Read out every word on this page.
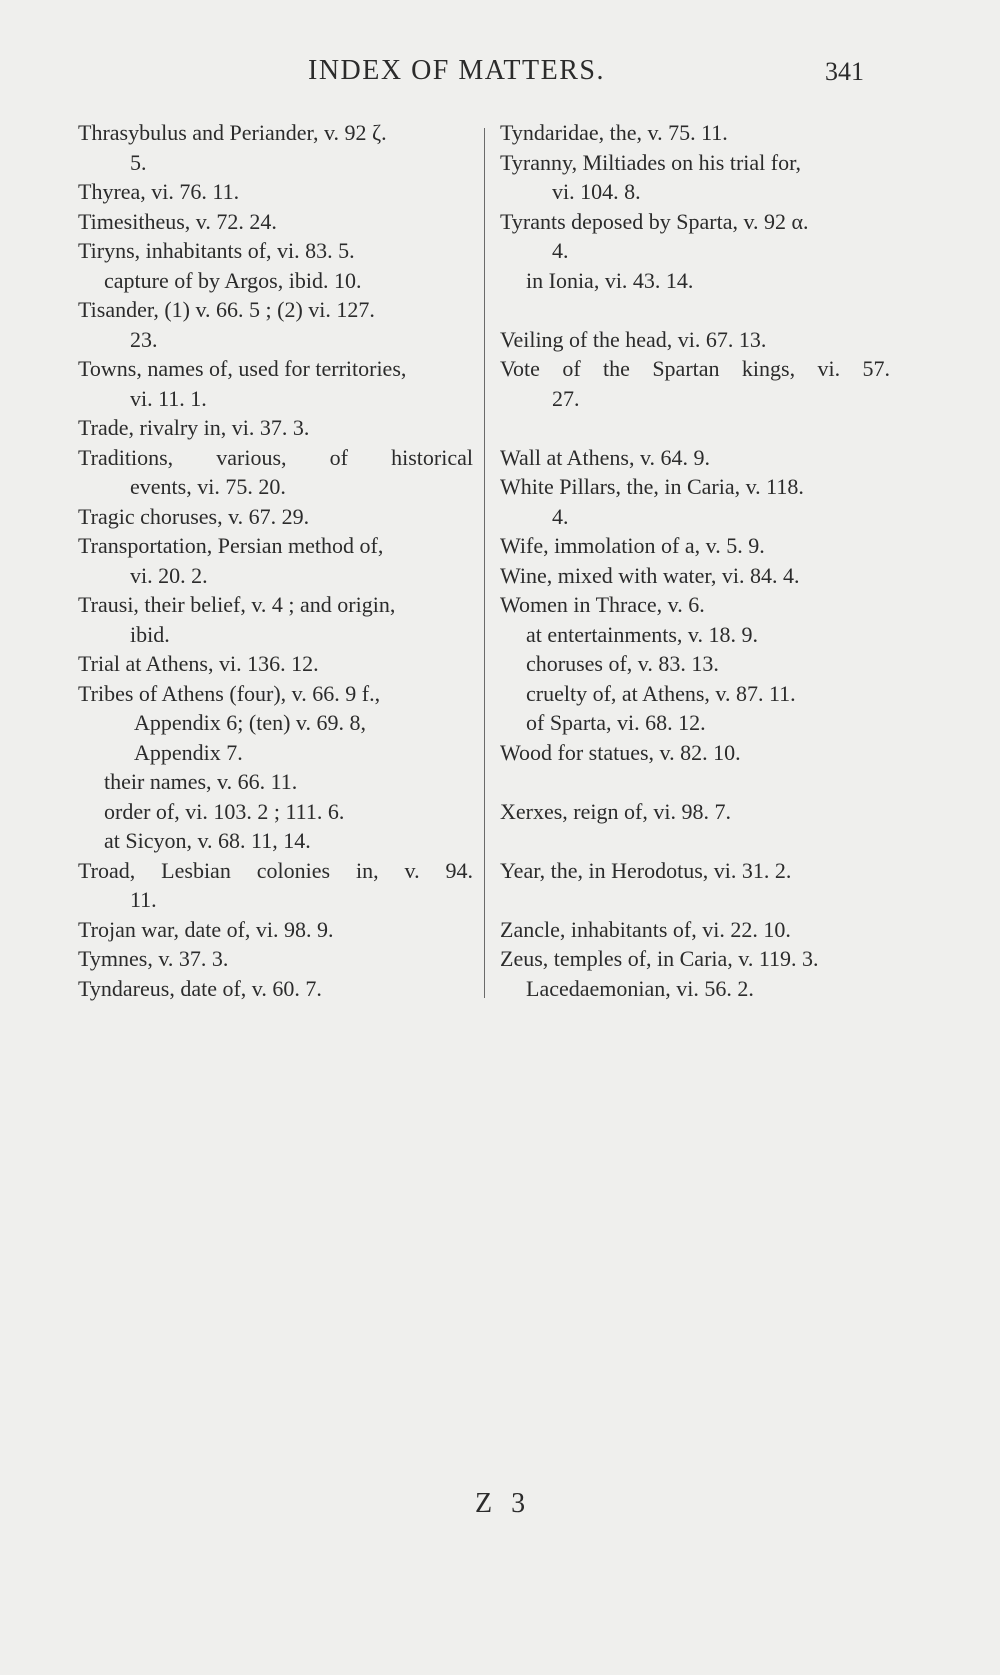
INDEX OF MATTERS.	341
Thrasybulus and Periander, v. 92 ζ.
5.
Thyrea, vi. 76. 11.
Timesitheus, v. 72. 24.
Tiryns, inhabitants of, vi. 83. 5.
capture of by Argos, ibid. 10.
Tisander, (1) v. 66. 5 ; (2) vi. 127.
23.
Towns, names of, used for territories,
vi. 11. 1.
Trade, rivalry in, vi. 37. 3.
Traditions, various, of historical
events, vi. 75. 20.
Tragic choruses, v. 67. 29.
Transportation, Persian method of,
vi. 20. 2.
Trausi, their belief, v. 4 ; and origin,
ibid.
Trial at Athens, vi. 136. 12.
Tribes of Athens (four), v. 66. 9 f.,
Appendix 6; (ten) v. 69. 8,
Appendix 7.
their names, v. 66. 11.
order of, vi. 103. 2 ; 111. 6.
at Sicyon, v. 68. 11, 14.
Troad, Lesbian colonies in, v. 94.
11.
Trojan war, date of, vi. 98. 9.
Tymnes, v. 37. 3.
Tyndareus, date of, v. 60. 7.
Tyndaridae, the, v. 75. 11.
Tyranny, Miltiades on his trial for,
vi. 104. 8.
Tyrants deposed by Sparta, v. 92 α.
4.
in Ionia, vi. 43. 14.
Veiling of the head, vi. 67. 13.
Vote of the Spartan kings, vi. 57.
27.
Wall at Athens, v. 64. 9.
White Pillars, the, in Caria, v. 118.
4.
Wife, immolation of a, v. 5. 9.
Wine, mixed with water, vi. 84. 4.
Women in Thrace, v. 6.
at entertainments, v. 18. 9.
choruses of, v. 83. 13.
cruelty of, at Athens, v. 87. 11.
of Sparta, vi. 68. 12.
Wood for statues, v. 82. 10.
Xerxes, reign of, vi. 98. 7.
Year, the, in Herodotus, vi. 31. 2.
Zancle, inhabitants of, vi. 22. 10.
Zeus, temples of, in Caria, v. 119. 3.
Lacedaemonian, vi. 56. 2.
Z 3
